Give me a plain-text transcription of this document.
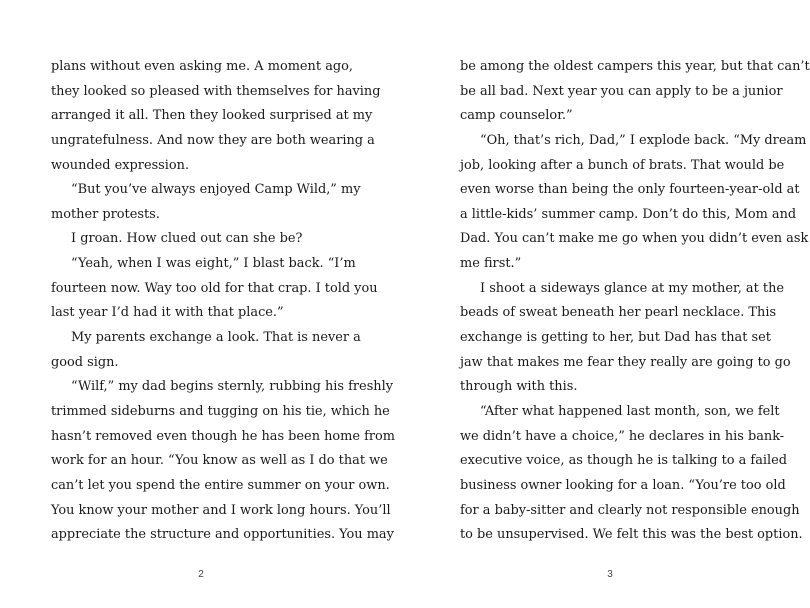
plans without even asking me. A moment ago,
they looked so pleased with themselves for having
arranged it all. Then they looked surprised at my
ungratefulness. And now they are both wearing a
wounded expression.
“But you’ve always enjoyed Camp Wild,” my
mother protests.
I groan. How clued out can she be?
“Yeah, when I was eight,” I blast back. “I’m
fourteen now. Way too old for that crap. I told you
last year I’d had it with that place.”
My parents exchange a look. That is never a
good sign.
“Wilf,” my dad begins sternly, rubbing his freshly
trimmed sideburns and tugging on his tie, which he
hasn’t removed even though he has been home from
work for an hour. “You know as well as I do that we
can’t let you spend the entire summer on your own.
You know your mother and I work long hours. You’ll
appreciate the structure and opportunities. You may
be among the oldest campers this year, but that can’t
be all bad. Next year you can apply to be a junior
camp counselor.”
“Oh, that’s rich, Dad,” I explode back. “My dream
job, looking after a bunch of brats. That would be
even worse than being the only fourteen-year-old at
a little-kids’ summer camp. Don’t do this, Mom and
Dad. You can’t make me go when you didn’t even ask
me first.”
I shoot a sideways glance at my mother, at the
beads of sweat beneath her pearl necklace. This
exchange is getting to her, but Dad has that set
jaw that makes me fear they really are going to go
through with this.
“After what happened last month, son, we felt
we didn’t have a choice,” he declares in his bank-
executive voice, as though he is talking to a failed
business owner looking for a loan. “You’re too old
for a baby-sitter and clearly not responsible enough
to be unsupervised. We felt this was the best option.
2	3
